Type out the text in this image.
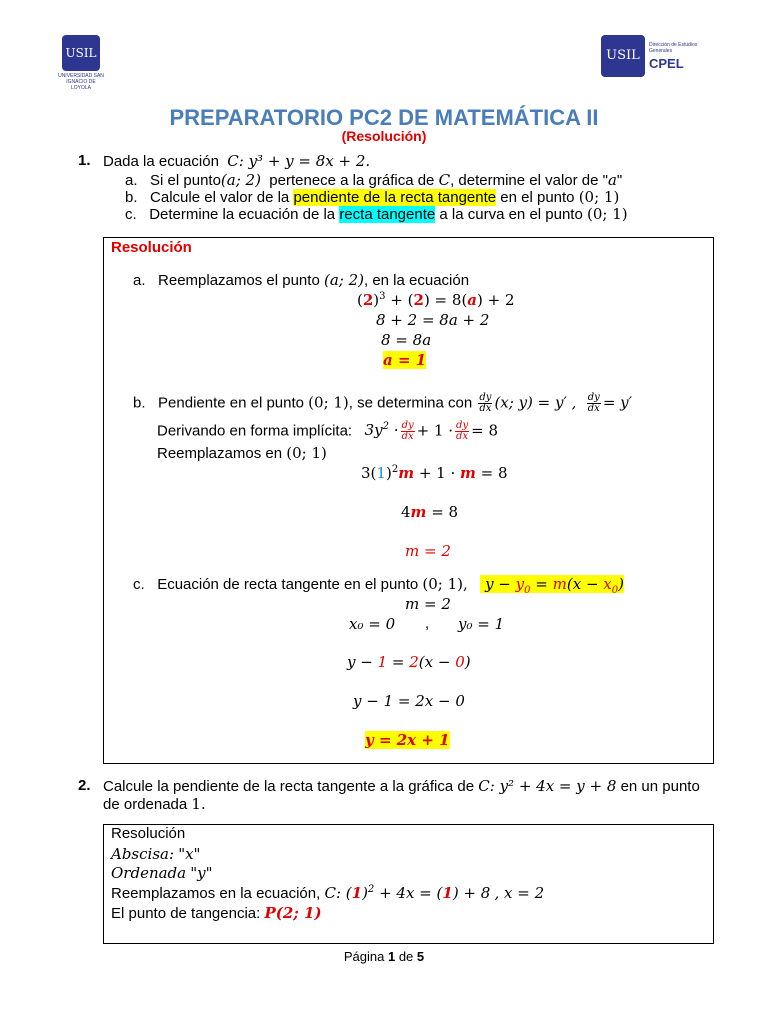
USIL
UNIVERSIDAD SAN IGNACIO DE LOYOLA
USIL
Dirección de Estudios Generales
CPEL
PREPARATORIO PC2 DE MATEMÁTICA II
(Resolución)
1. Dada la ecuación C: y³ + y = 8x + 2.
a. Si el punto(a; 2) pertenece a la gráfica de C, determine el valor de "a"
b. Calcule el valor de la pendiente de la recta tangente en el punto (0; 1)
c. Determine la ecuación de la recta tangente a la curva en el punto (0; 1)
Resolución
a. Reemplazamos el punto (a; 2), en la ecuación
$(2)^3 + (2) = 8(a) + 2$
8 + 2 = 8a + 2
8 = 8a
a = 1
b. Pendiente en el punto (0; 1), se determina con $\frac{dy}{dx} (x$; y) = y′ , $\frac{dy}{dx} = y'$
Derivando en forma implícita: $3y^2 \cdot \frac{dy}{dx} + 1 \cdot \frac{dy}{dx} = 8$
Reemplazamos en (0; 1)
$3(1)^2m + 1 \cdot m = 8$
4m = 8
m = 2
c. Ecuación de recta tangente en el punto (0; 1),    $y - y_0 = m(x - x_0)$
m = 2
x₀ = 0 , y₀ = 1
y − 1 = 2(x − 0)
y − 1 = 2x − 0
y = 2x + 1
2. Calcule la pendiente de la recta tangente a la gráfica de C: y² + 4x = y + 8 en un punto
de ordenada 1.
Resolución
Abscisa: "x"
Ordenada "y"
Reemplazamos en la ecuación, C: $(1)^2 + 4x = (1) + 8$ , x = 2
El punto de tangencia: P(2; 1)
Página 1 de 5
